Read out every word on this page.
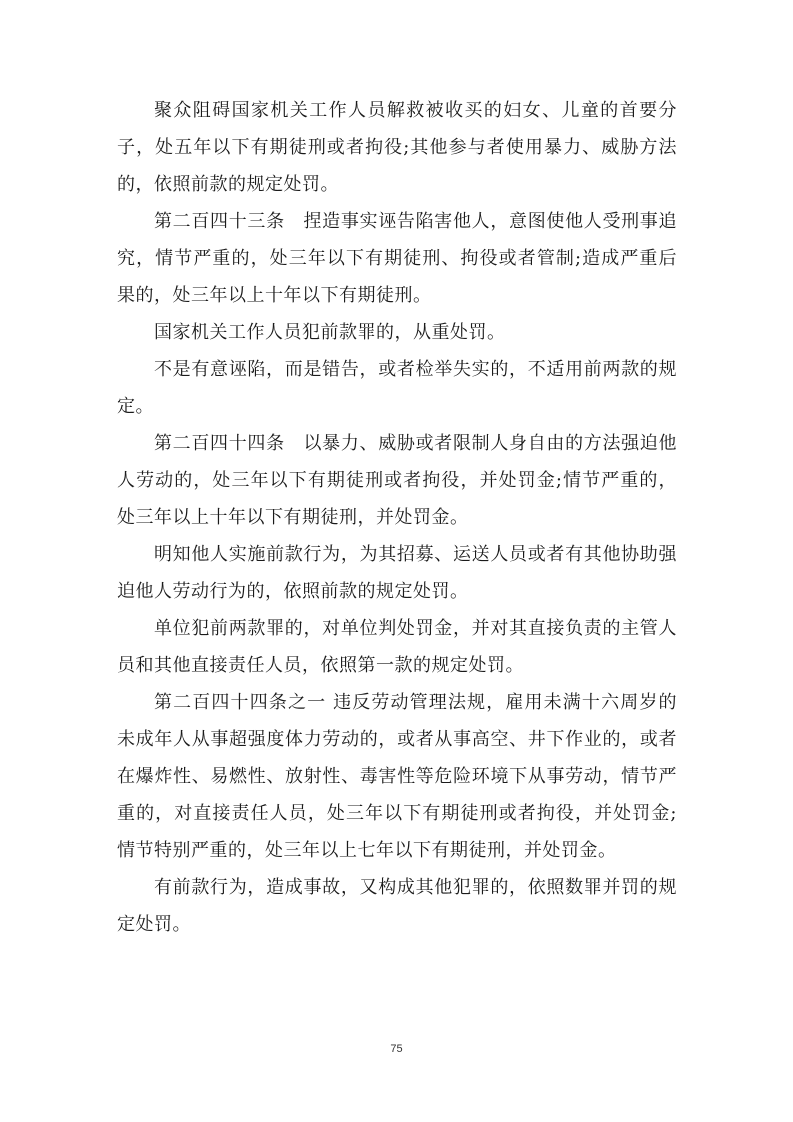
聚众阻碍国家机关工作人员解救被收买的妇女、儿童的首要分子，处五年以下有期徒刑或者拘役;其他参与者使用暴力、威胁方法的，依照前款的规定处罚。

第二百四十三条　捏造事实诬告陷害他人，意图使他人受刑事追究，情节严重的，处三年以下有期徒刑、拘役或者管制;造成严重后果的，处三年以上十年以下有期徒刑。

国家机关工作人员犯前款罪的，从重处罚。

不是有意诬陷，而是错告，或者检举失实的，不适用前两款的规定。

第二百四十四条　以暴力、威胁或者限制人身自由的方法强迫他人劳动的，处三年以下有期徒刑或者拘役，并处罚金;情节严重的，处三年以上十年以下有期徒刑，并处罚金。

明知他人实施前款行为，为其招募、运送人员或者有其他协助强迫他人劳动行为的，依照前款的规定处罚。

单位犯前两款罪的，对单位判处罚金，并对其直接负责的主管人员和其他直接责任人员，依照第一款的规定处罚。

第二百四十四条之一 违反劳动管理法规，雇用未满十六周岁的未成年人从事超强度体力劳动的，或者从事高空、井下作业的，或者在爆炸性、易燃性、放射性、毒害性等危险环境下从事劳动，情节严重的，对直接责任人员，处三年以下有期徒刑或者拘役，并处罚金;情节特别严重的，处三年以上七年以下有期徒刑，并处罚金。

有前款行为，造成事故，又构成其他犯罪的，依照数罪并罚的规定处罚。

75
